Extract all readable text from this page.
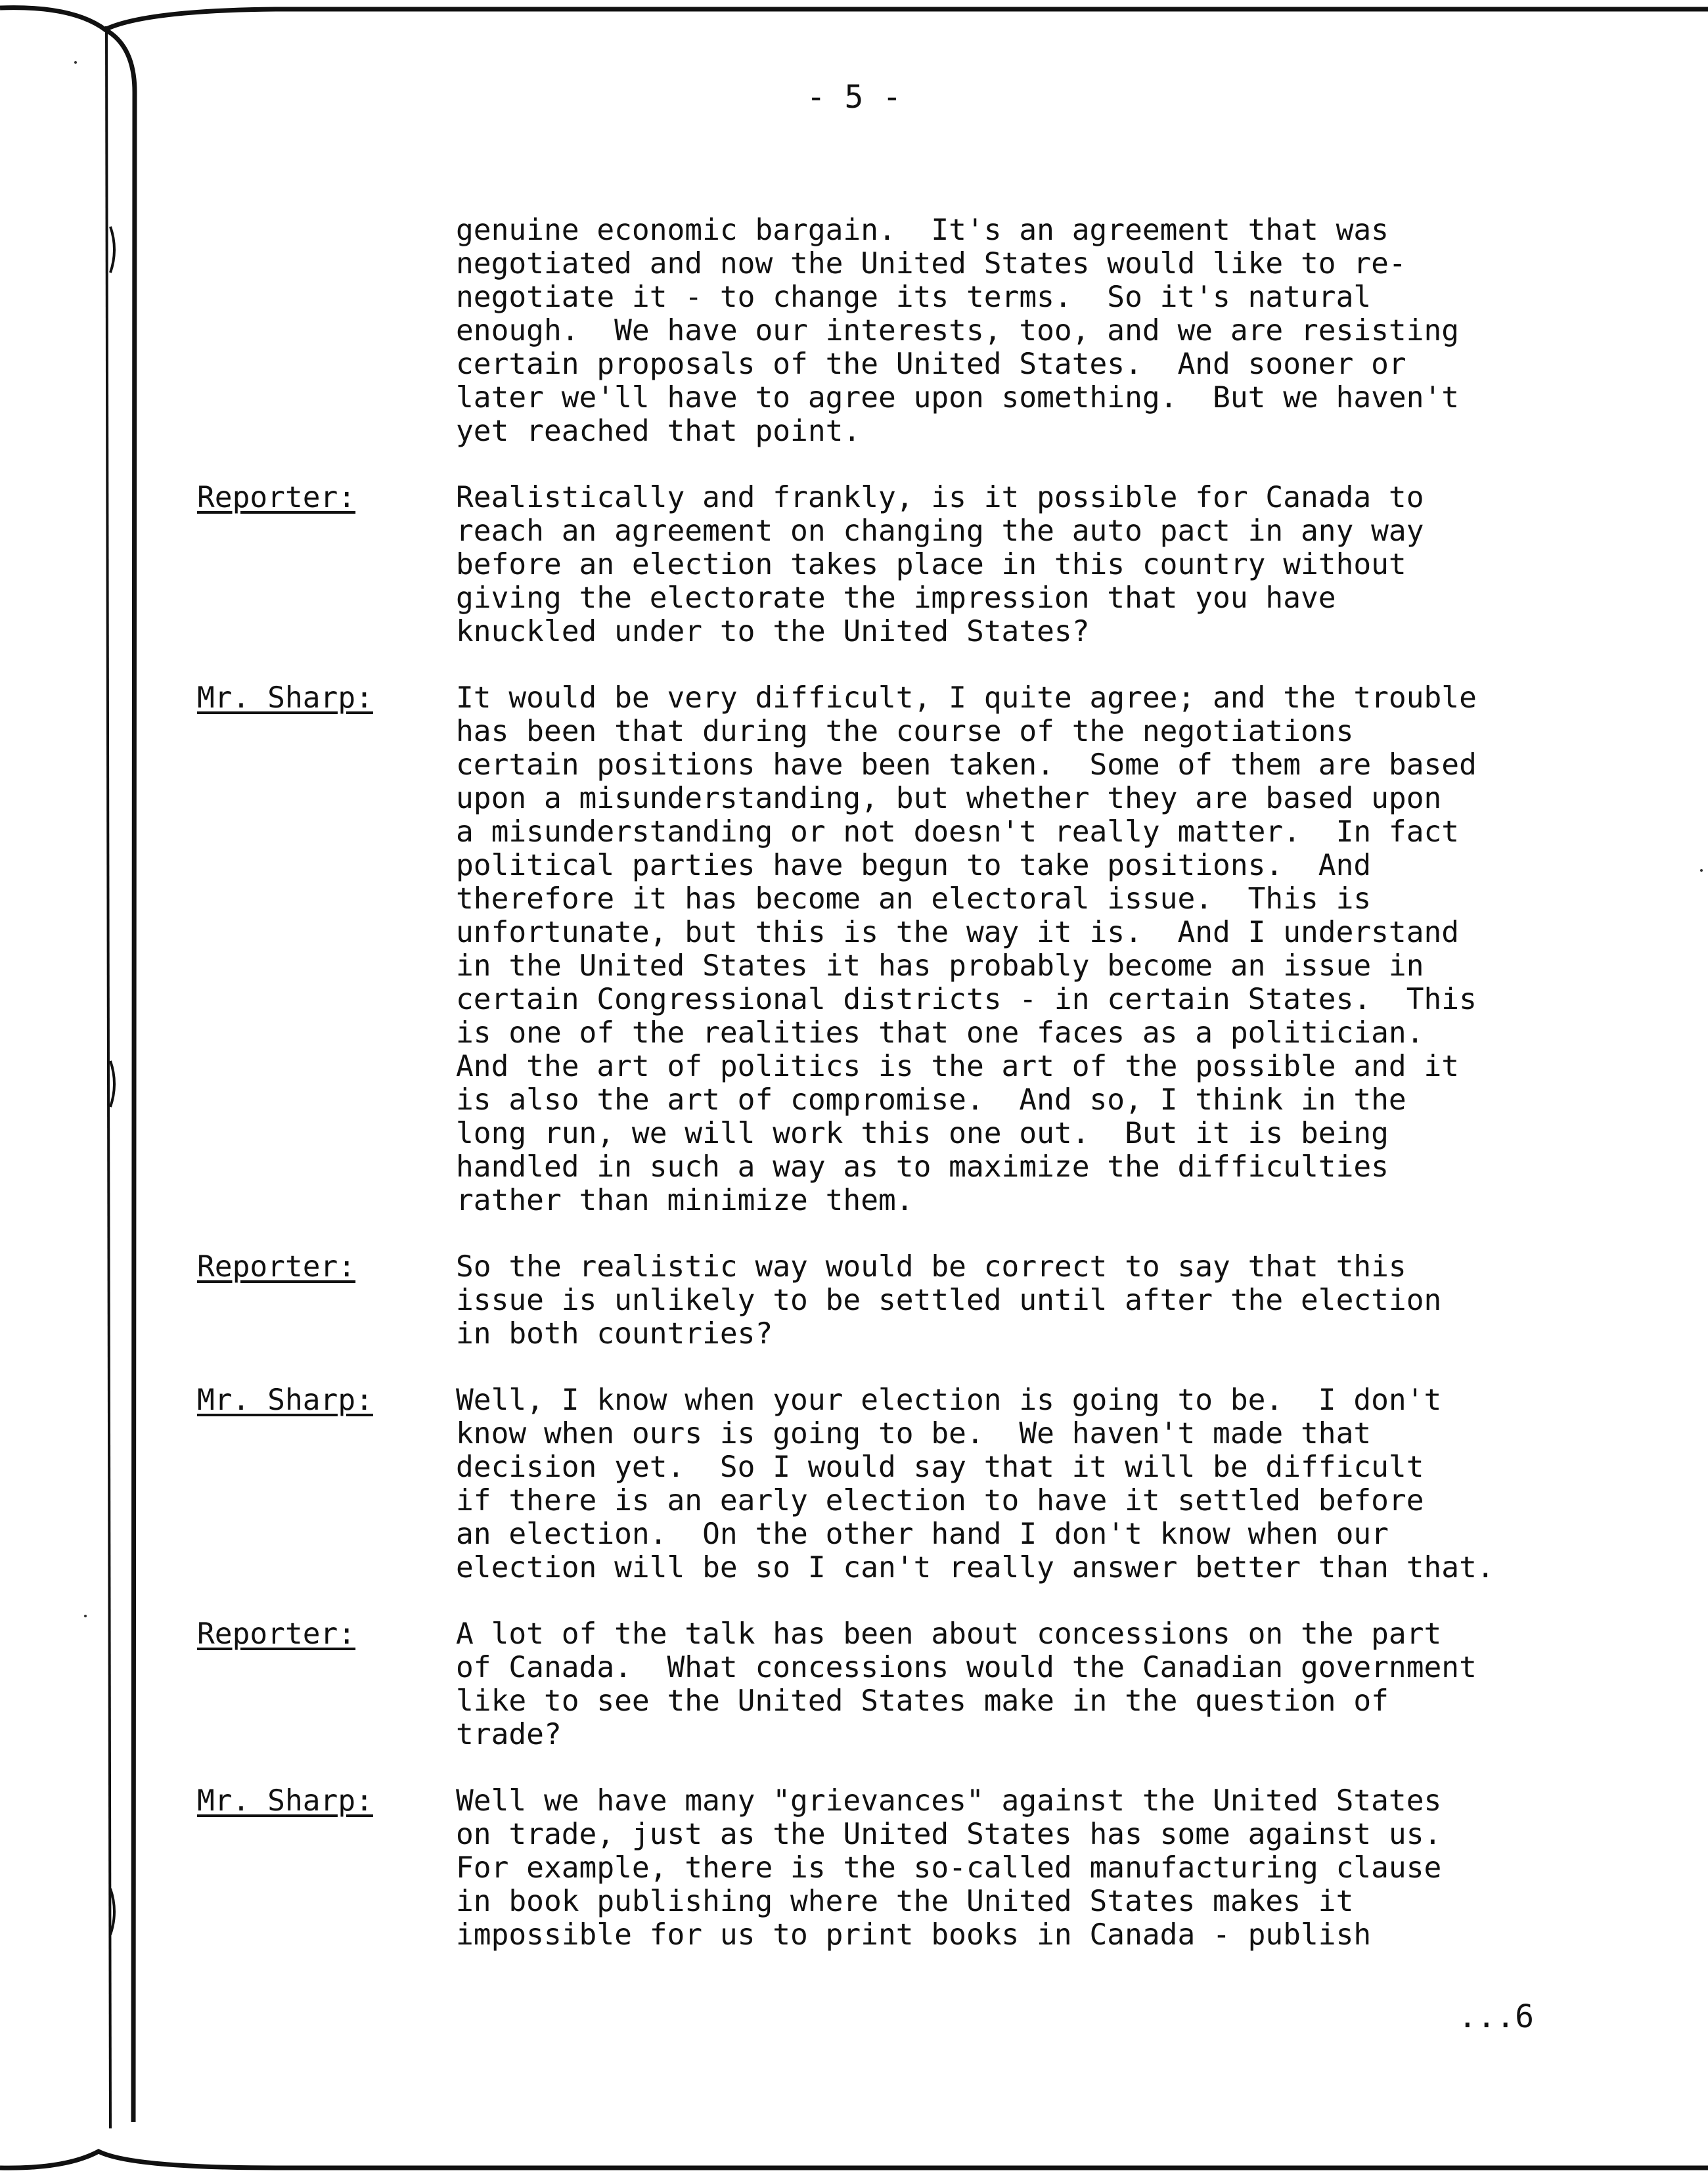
- 5 -
genuine economic bargain.  It's an agreement that was
negotiated and now the United States would like to re-
negotiate it - to change its terms.  So it's natural
enough.  We have our interests, too, and we are resisting
certain proposals of the United States.  And sooner or
later we'll have to agree upon something.  But we haven't
yet reached that point.
Reporter:	Realistically and frankly, is it possible for Canada to
reach an agreement on changing the auto pact in any way
before an election takes place in this country without
giving the electorate the impression that you have
knuckled under to the United States?
Mr. Sharp:	It would be very difficult, I quite agree; and the trouble
has been that during the course of the negotiations
certain positions have been taken.  Some of them are based
upon a misunderstanding, but whether they are based upon
a misunderstanding or not doesn't really matter.  In fact
political parties have begun to take positions.  And
therefore it has become an electoral issue.  This is
unfortunate, but this is the way it is.  And I understand
in the United States it has probably become an issue in
certain Congressional districts - in certain States.  This
is one of the realities that one faces as a politician.
And the art of politics is the art of the possible and it
is also the art of compromise.  And so, I think in the
long run, we will work this one out.  But it is being
handled in such a way as to maximize the difficulties
rather than minimize them.
Reporter:	So the realistic way would be correct to say that this
issue is unlikely to be settled until after the election
in both countries?
Mr. Sharp:	Well, I know when your election is going to be.  I don't
know when ours is going to be.  We haven't made that
decision yet.  So I would say that it will be difficult
if there is an early election to have it settled before
an election.  On the other hand I don't know when our
election will be so I can't really answer better than that.
Reporter:	A lot of the talk has been about concessions on the part
of Canada.  What concessions would the Canadian government
like to see the United States make in the question of
trade?
Mr. Sharp:	Well we have many "grievances" against the United States
on trade, just as the United States has some against us.
For example, there is the so-called manufacturing clause
in book publishing where the United States makes it
impossible for us to print books in Canada - publish
...6
